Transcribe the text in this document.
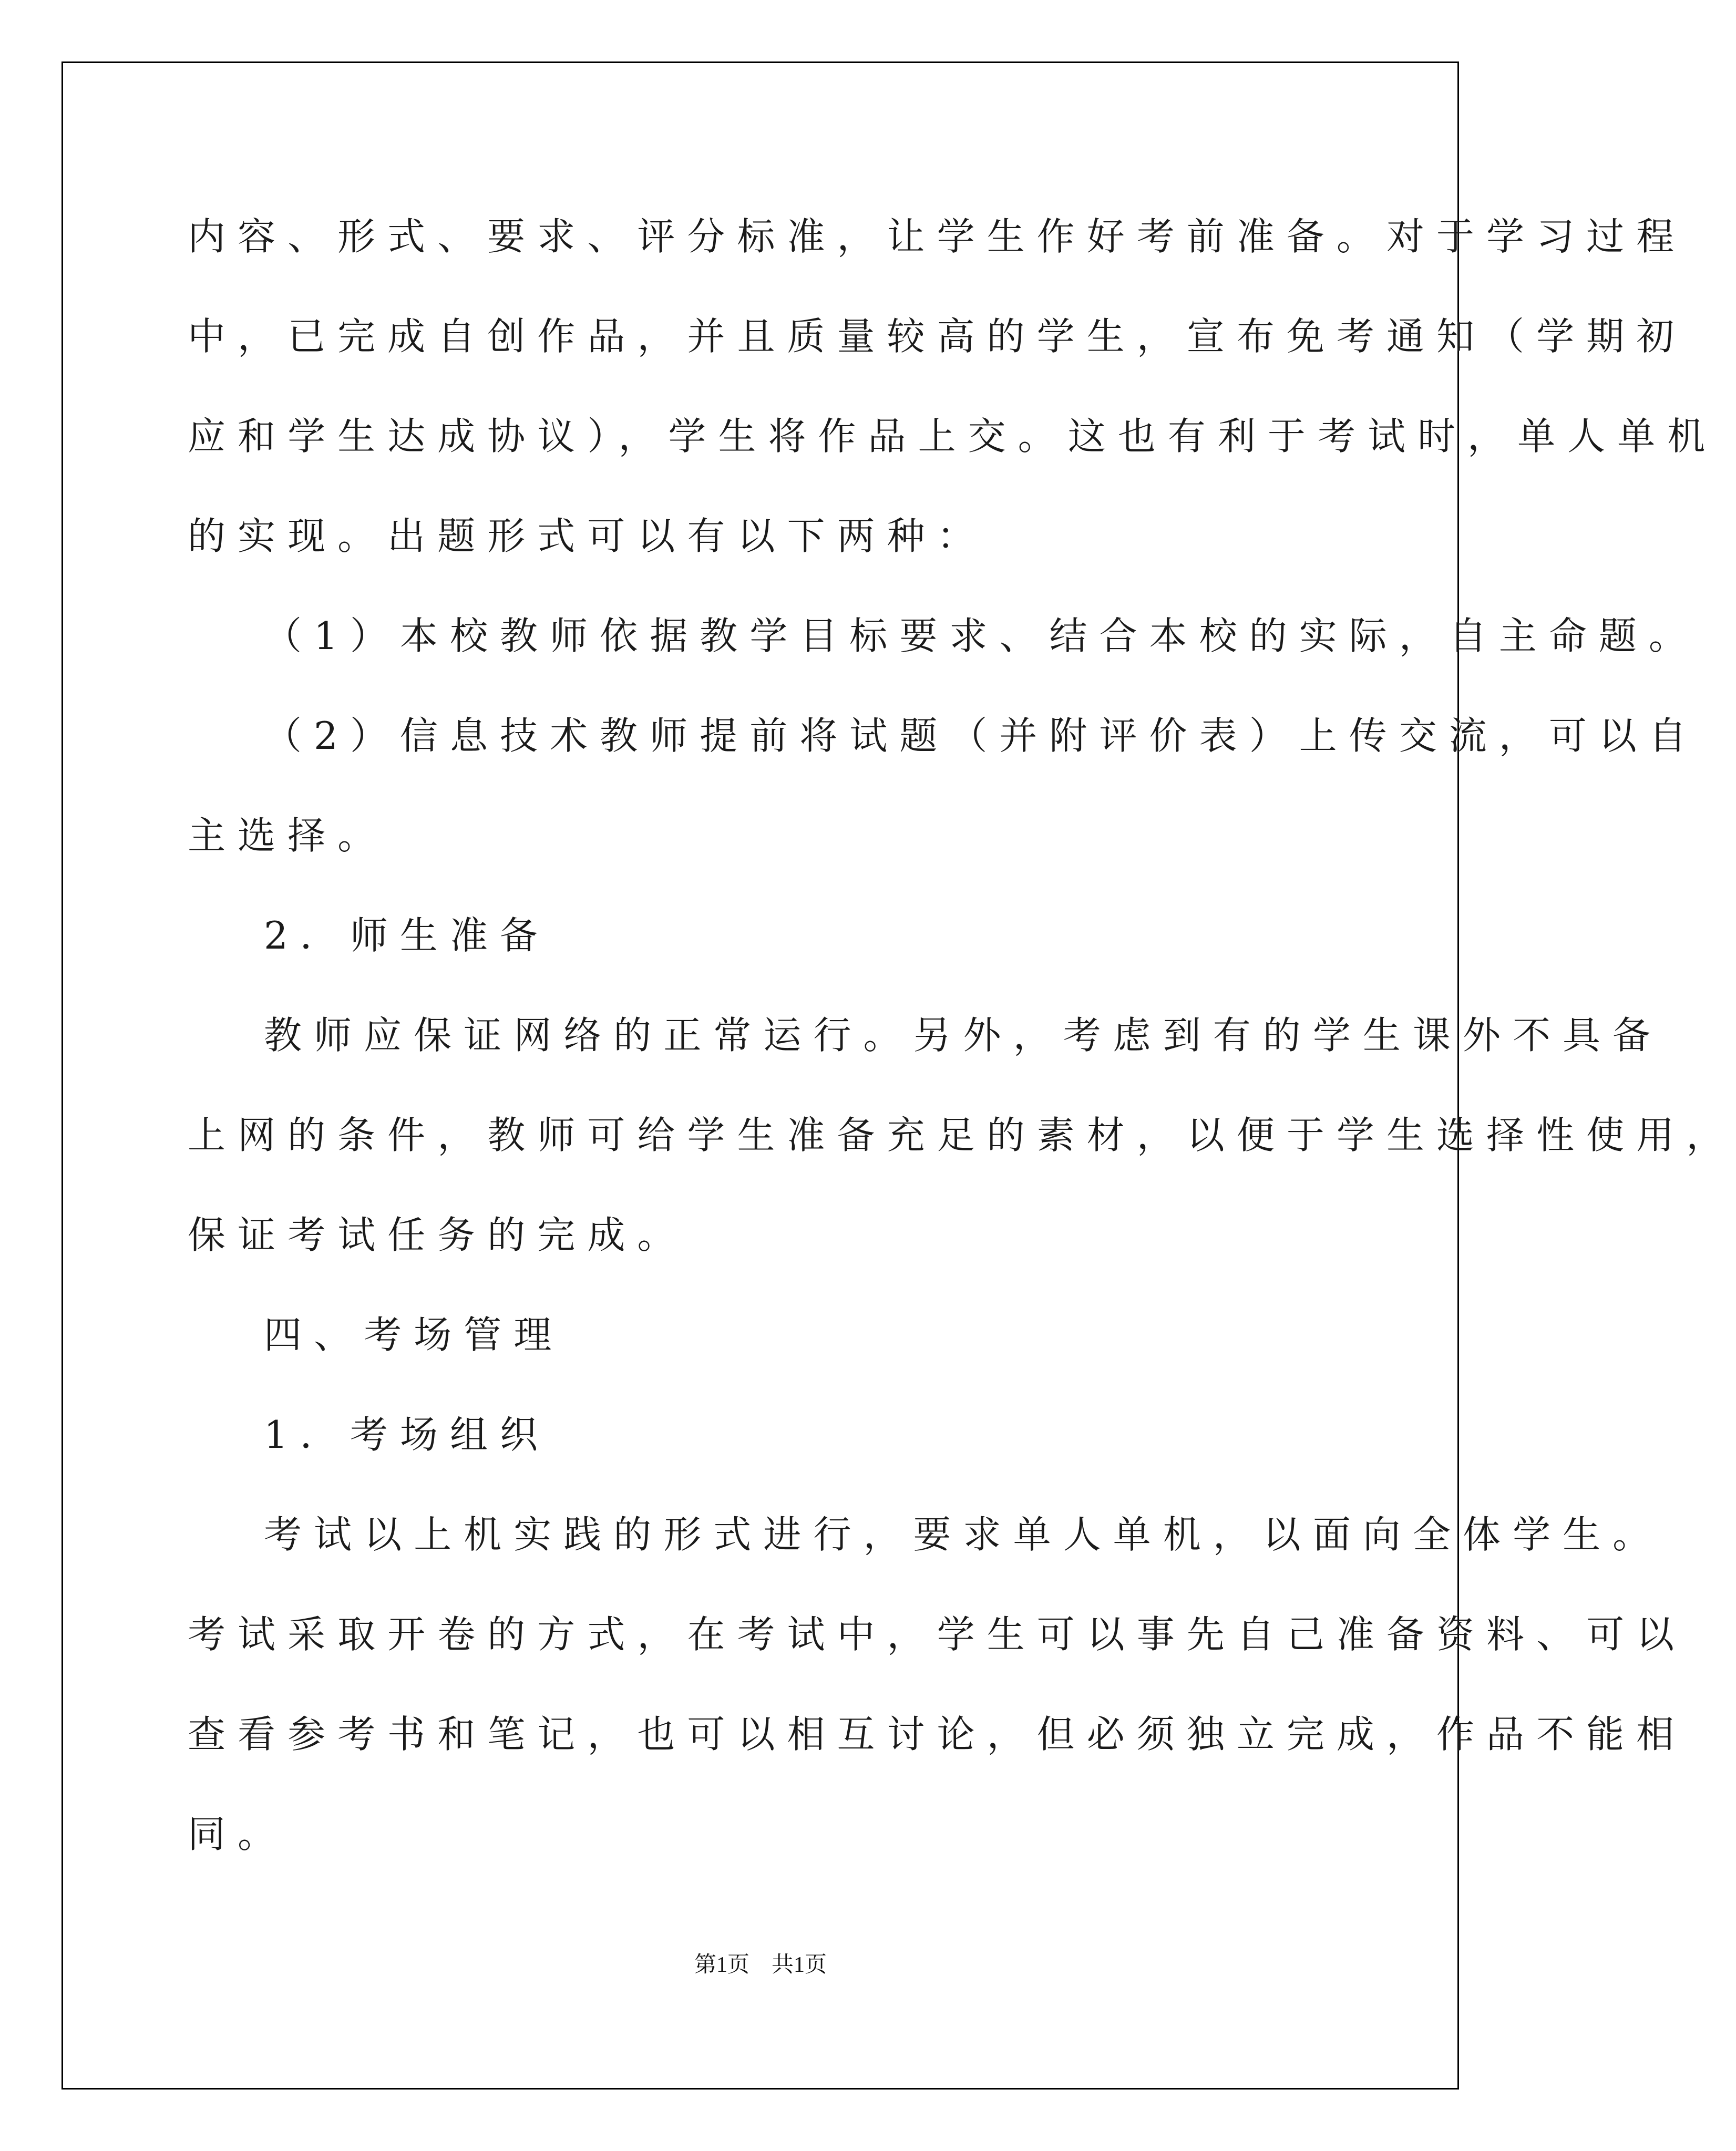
内容、形式、要求、评分标准，让学生作好考前准备。对于学习过程
中，已完成自创作品，并且质量较高的学生，宣布免考通知（学期初
应和学生达成协议），学生将作品上交。这也有利于考试时，单人单机
的实现。出题形式可以有以下两种：
（1）本校教师依据教学目标要求、结合本校的实际，自主命题。
（2）信息技术教师提前将试题（并附评价表）上传交流，可以自
主选择。
2．师生准备
教师应保证网络的正常运行。另外，考虑到有的学生课外不具备
上网的条件，教师可给学生准备充足的素材，以便于学生选择性使用，
保证考试任务的完成。
四、考场管理
1．考场组织
考试以上机实践的形式进行，要求单人单机，以面向全体学生。
考试采取开卷的方式，在考试中，学生可以事先自己准备资料、可以
查看参考书和笔记，也可以相互讨论，但必须独立完成，作品不能相
同。
第1页　共1页
